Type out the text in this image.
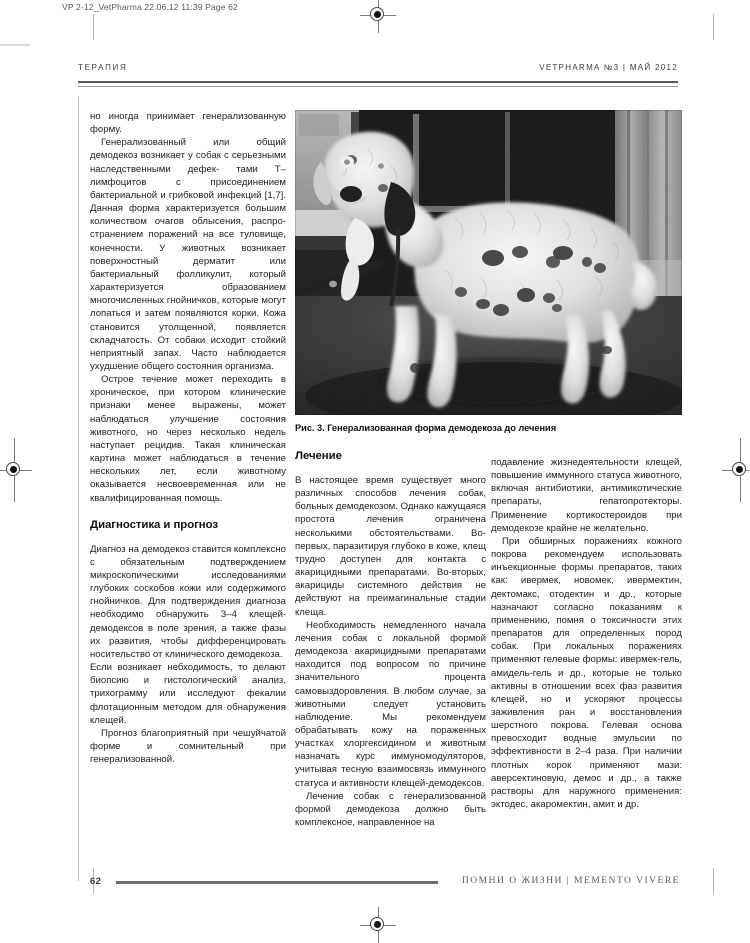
VP 2-12_VetPharma 22.06.12 11:39 Page 62
ТЕРАПИЯ	VETPHARMA №3 | МАЙ 2012
Рис. 3. Генерализованная форма демодекоза до лечения

но иногда принимает генерализованную форму.

Генерализованный или общий демодекоз возникает у собак с серьезными наследственными дефек- тами Т–лимфоцитов с присоединением бактериальной и грибковой инфекций [1,7]. Данная форма характеризуется большим количеством очагов облысения, распро- странением поражений на все туловище, конечности. У животных возникает поверхностный дерматит или бактериальный фолликулит, который характеризуется образованием многочисленных гнойничков, которые могут лопаться и затем появляются корки. Кожа становится утолщенной, появляется складчатость. От собаки исходит стойкий неприятный запах. Часто наблюдается ухудшение общего состояния организма.

Острое течение может переходить в хроническое, при котором клинические признаки менее выражены, может наблюдаться улучшение состояния животного, но через несколько недель наступает рецидив. Такая клиническая картина может наблюдаться в течение нескольких лет, если животному оказывается несвоевременная или не квалифицированная помощь.

Диагностика и прогноз

Диагноз на демодекоз ставится комплексно с обязательным подтверждением микроскопическими исследованиями глубоких соскобов кожи или содержимого гнойничков. Для подтверждения диагноза необходимо обнаружить 3–4 клещей-демодексов в поле зрения, а также фазы их развития, чтобы дифференцировать носительство от клинического демодекоза.

Если возникает небходимость, то делают биопсию и гистологический анализ, трихограмму или исследуют фекалии флотационным методом для обнаружения клещей.

Прогноз благоприятный при чешуйчатой форме и сомнительный при генерализованной.

Лечение

В настоящее время существует много различных способов лечения собак, больных демодекозом. Однако кажущаяся простота лечения ограничена несколькими обстоятельствами. Во-первых, паразитируя глубоко в коже, клещ трудно доступен для контакта с акарицидными препаратами. Во-вторых, акарициды системного действия не действуют на преимагинальные стадии клеща.

Необходимость немедленного начала лечения собак с локальной формой демодекоза акарицидными препаратами находится под вопросом по причине значительного процента самовыздоровления. В любом случае, за животными следует установить наблюдение. Мы рекомендуем обрабатывать кожу на пораженных участках хлоргексидином и животным назначать курс иммуномодуляторов, учитывая тесную взаимосвязь иммунного статуса и активности клещей-демодексов.

Лечение собак с генерализованной формой демодекоза должно быть комплексное, направленное на

подавление жизнедеятельности клещей, повышение иммунного статуса животного, включая антибиотики, антимикотические препараты, гепатопротекторы. Применение кортикостероидов при демодекозе крайне не желательно.

При обширных поражениях кожного покрова рекомендуем использовать инъекционные формы препаратов, таких как: ивермек, новомек, ивермектин, дектомакс, отодектин и др., которые назначают согласно показаниям к применению, помня о токсичности этих препаратов для определенных пород собак. При локальных поражениях применяют гелевые формы: ивермек-гель, амидель-гель и др., которые не только активны в отношении всех фаз развития клещей, но и ускоряют процессы заживления ран и восстановления шерстного покрова. Гелевая основа превосходит водные эмульсии по эффективности в 2–4 раза. При наличии плотных корок применяют мази: аверсектиновую, демос и др., а также растворы для наружного применения: эктодес, акаромектин, амит и др.

62	ПОМНИ О ЖИЗНИ | MEMENTO VIVERE
